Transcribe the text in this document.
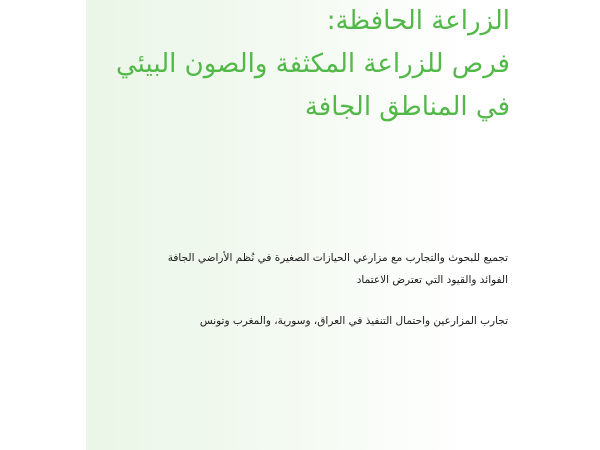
الزراعة الحافظة:
فرص للزراعة المكثفة والصون البيئي
في المناطق الجافة
تجميع للبحوث والتجارب مع مزارعي الحيازات الصغيرة في نُظم الأراضي الجافة
الفوائد والقيود التي تعترض الاعتماد
تجارب المزارعين واحتمال التنفيذ في العراق، وسورية، والمغرب وتونس
